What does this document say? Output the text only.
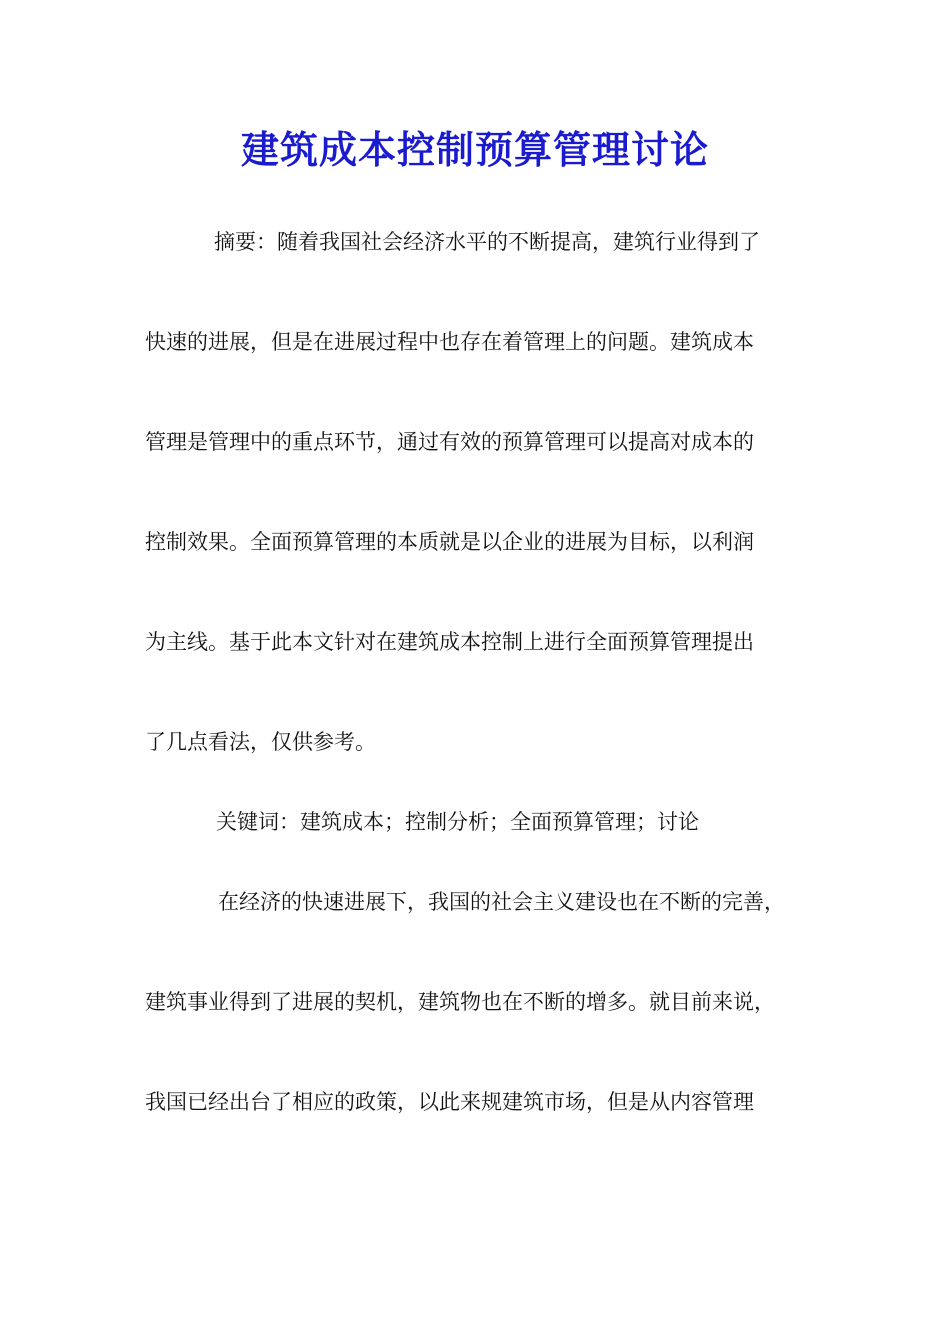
建筑成本控制预算管理讨论
摘要：随着我国社会经济水平的不断提高，建筑行业得到了
快速的进展，但是在进展过程中也存在着管理上的问题。建筑成本
管理是管理中的重点环节，通过有效的预算管理可以提高对成本的
控制效果。全面预算管理的本质就是以企业的进展为目标，以利润
为主线。基于此本文针对在建筑成本控制上进行全面预算管理提出
了几点看法，仅供参考。
关键词：建筑成本；控制分析；全面预算管理；讨论
在经济的快速进展下，我国的社会主义建设也在不断的完善，
建筑事业得到了进展的契机，建筑物也在不断的增多。就目前来说，
我国已经出台了相应的政策，以此来规建筑市场，但是从内容管理
